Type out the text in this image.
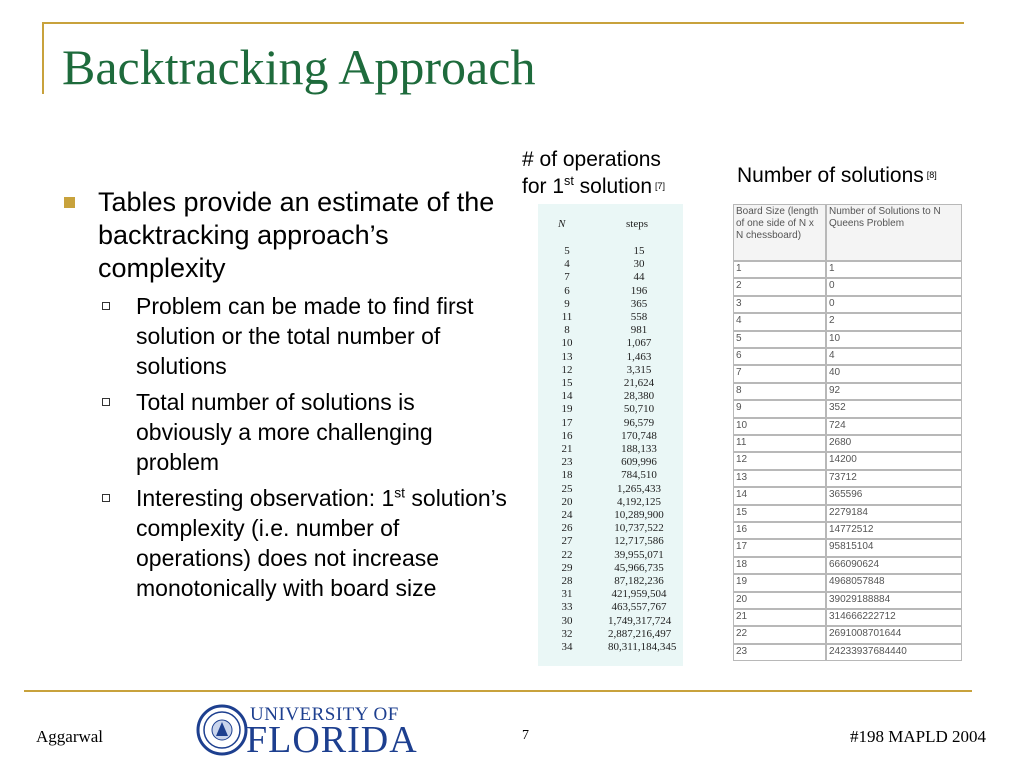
Backtracking Approach
Tables provide an estimate of the backtracking approach’s complexity
Problem can be made to find first solution or the total number of solutions
Total number of solutions is obviously a more challenging problem
Interesting observation: 1st solution’s complexity (i.e. number of operations) does not increase monotonically with board size
# of operations
for 1st solution [7]	Number of solutions [8]
N	steps
5	15
4	30
7	44
6	196
9	365
11	558
8	981
10	1,067
13	1,463
12	3,315
15	21,624
14	28,380
19	50,710
17	96,579
16	170,748
21	188,133
23	609,996
18	784,510
25	1,265,433
20	4,192,125
24	10,289,900
26	10,737,522
27	12,717,586
22	39,955,071
29	45,966,735
28	87,182,236
31	421,959,504
33	463,557,767
30	1,749,317,724
32	2,887,216,497
34	80,311,184,345
Board Size (length of one side of N x N chessboard)
Number of Solutions to N Queens Problem
1	1
2	0
3	0
4	2
5	10
6	4
7	40
8	92
9	352
10	724
11	2680
12	14200
13	73712
14	365596
15	2279184
16	14772512
17	95815104
18	666090624
19	4968057848
20	39029188884
21	314666222712
22	2691008701644
23	24233937684440
Aggarwal	7	#198 MAPLD 2004
UNIVERSITY OF
FLORIDA
